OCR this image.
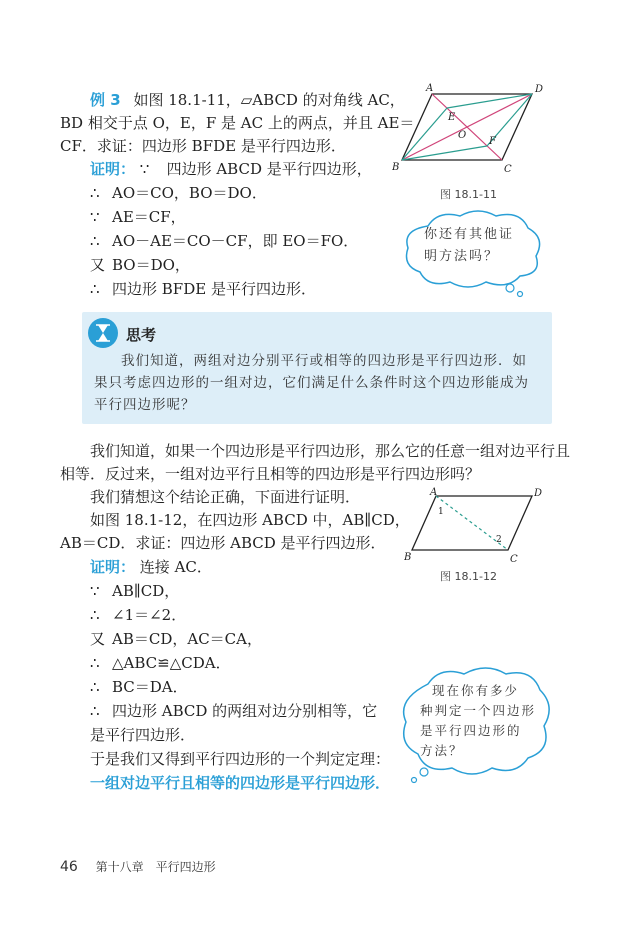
例 3 如图 18.1-11，▱ABCD 的对角线 AC，
BD 相交于点 O，E，F 是 AC 上的两点，并且 AE＝
CF．求证：四边形 BFDE 是平行四边形．
证明： ∵ 四边形 ABCD 是平行四边形，
∴ AO＝CO，BO＝DO．
∵ AE＝CF，
∴ AO－AE＝CO－CF，即 EO＝FO．
又 BO＝DO，
∴ 四边形 BFDE 是平行四边形．
A	D
B	C
O
E
F
图 18.1-11
你还有其他证
明方法吗？
思考
我们知道，两组对边分别平行或相等的四边形是平行四边形．如果只考虑四边形的一组对边，它们满足什么条件时这个四边形能成为平行四边形呢？
我们知道，如果一个四边形是平行四边形，那么它的任意一组对边平行且
相等．反过来，一组对边平行且相等的四边形是平行四边形吗？
我们猜想这个结论正确，下面进行证明．
如图 18.1-12，在四边形 ABCD 中，AB∥CD，
AB＝CD．求证：四边形 ABCD 是平行四边形．
证明： 连接 AC．
∵ AB∥CD，
∴ ∠1＝∠2．
又 AB＝CD，AC＝CA，
∴ △ABC≌△CDA．
∴ BC＝DA．
∴ 四边形 ABCD 的两组对边分别相等，它
是平行四边形．
于是我们又得到平行四边形的一个判定定理：
一组对边平行且相等的四边形是平行四边形．
A	D
B	C
1
2
图 18.1-12
现在你有多少
种判定一个四边形
是平行四边形的
方法？
46 第十八章　平行四边形
